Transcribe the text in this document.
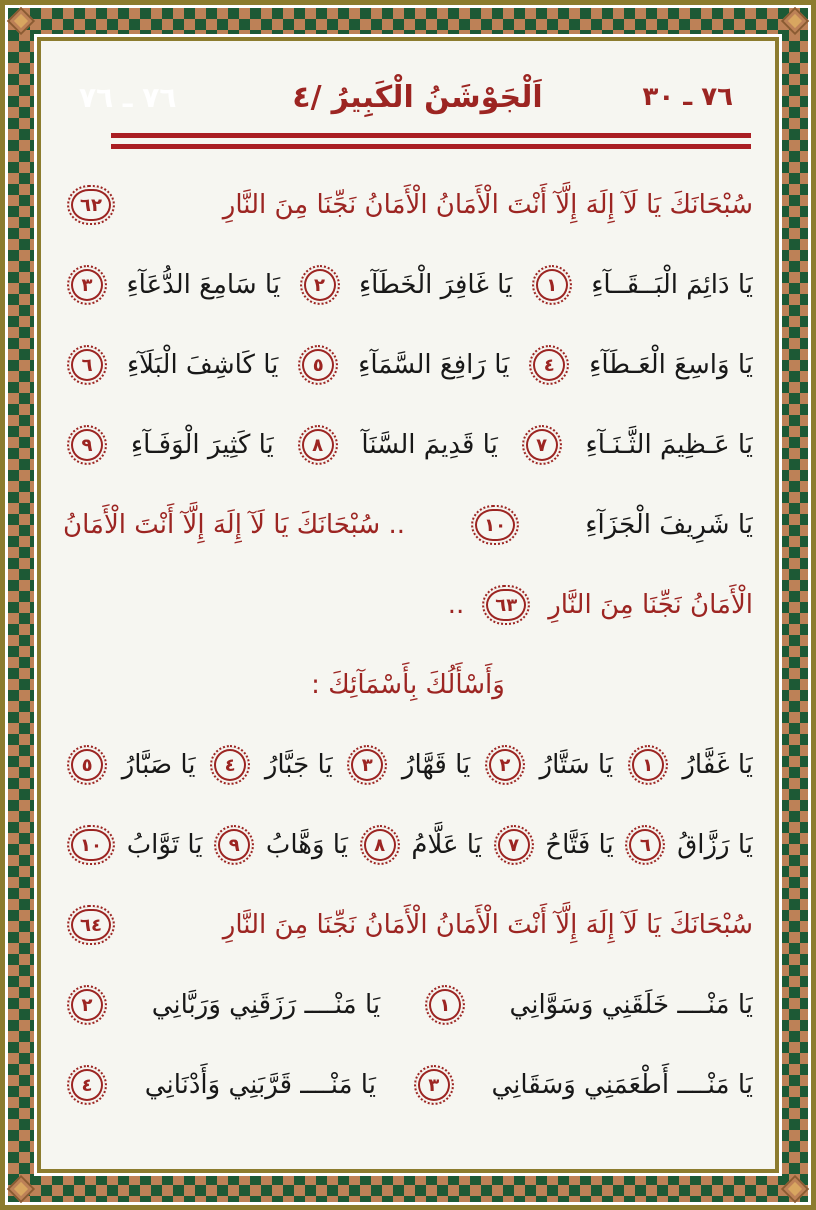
٧٦ ـ ٧٦	٤/ اَلْجَوْشَنُ الْكَبِيرُ	٧٦ ـ ٣٠
سُبْحَانَكَ يَا لَآ إِلَهَ إِلَّآ أَنْتَ الْأَمَانُ الْأَمَانُ نَجِّنَا مِنَ النَّارِ
٦٢
يَا دَائِمَ الْبَــقَــآءِ
١
يَا غَافِرَ الْخَطَآءِ
٢
يَا سَامِعَ الدُّعَآءِ
٣
يَا وَاسِعَ الْعَـطَآءِ
٤
يَا رَافِعَ السَّمَآءِ
٥
يَا كَاشِفَ الْبَلَآءِ
٦
يَا عَـظِيمَ الثَّـنَـآءِ
٧
يَا قَدِيمَ السَّنَآ
٨
يَا كَثِيرَ الْوَفَـآءِ
٩
يَا شَرِيفَ الْجَزَآءِ
١٠
.. سُبْحَانَكَ يَا لَآ إِلَهَ إِلَّآ أَنْتَ الْأَمَانُ
الْأَمَانُ نَجِّنَا مِنَ النَّارِ
٦٣
..
وَأَسْأَلُكَ بِأَسْمَآئِكَ :
يَا غَفَّارُ
١
يَا سَتَّارُ
٢
يَا قَهَّارُ
٣
يَا جَبَّارُ
٤
يَا صَبَّارُ
٥
يَا رَزَّاقُ
٦
يَا فَتَّاحُ
٧
يَا عَلَّامُ
٨
يَا وَهَّابُ
٩
يَا تَوَّابُ
١٠
سُبْحَانَكَ يَا لَآ إِلَهَ إِلَّآ أَنْتَ الْأَمَانُ الْأَمَانُ نَجِّنَا مِنَ النَّارِ
٦٤
يَا مَنْــــ خَلَقَنِي وَسَوَّانِي
١
يَا مَنْــــ رَزَقَنِي وَرَبَّانِي
٢
يَا مَنْــــ أَطْعَمَنِي وَسَقَانِي
٣
يَا مَنْــــ قَرَّبَنِي وَأَدْنَانِي
٤
